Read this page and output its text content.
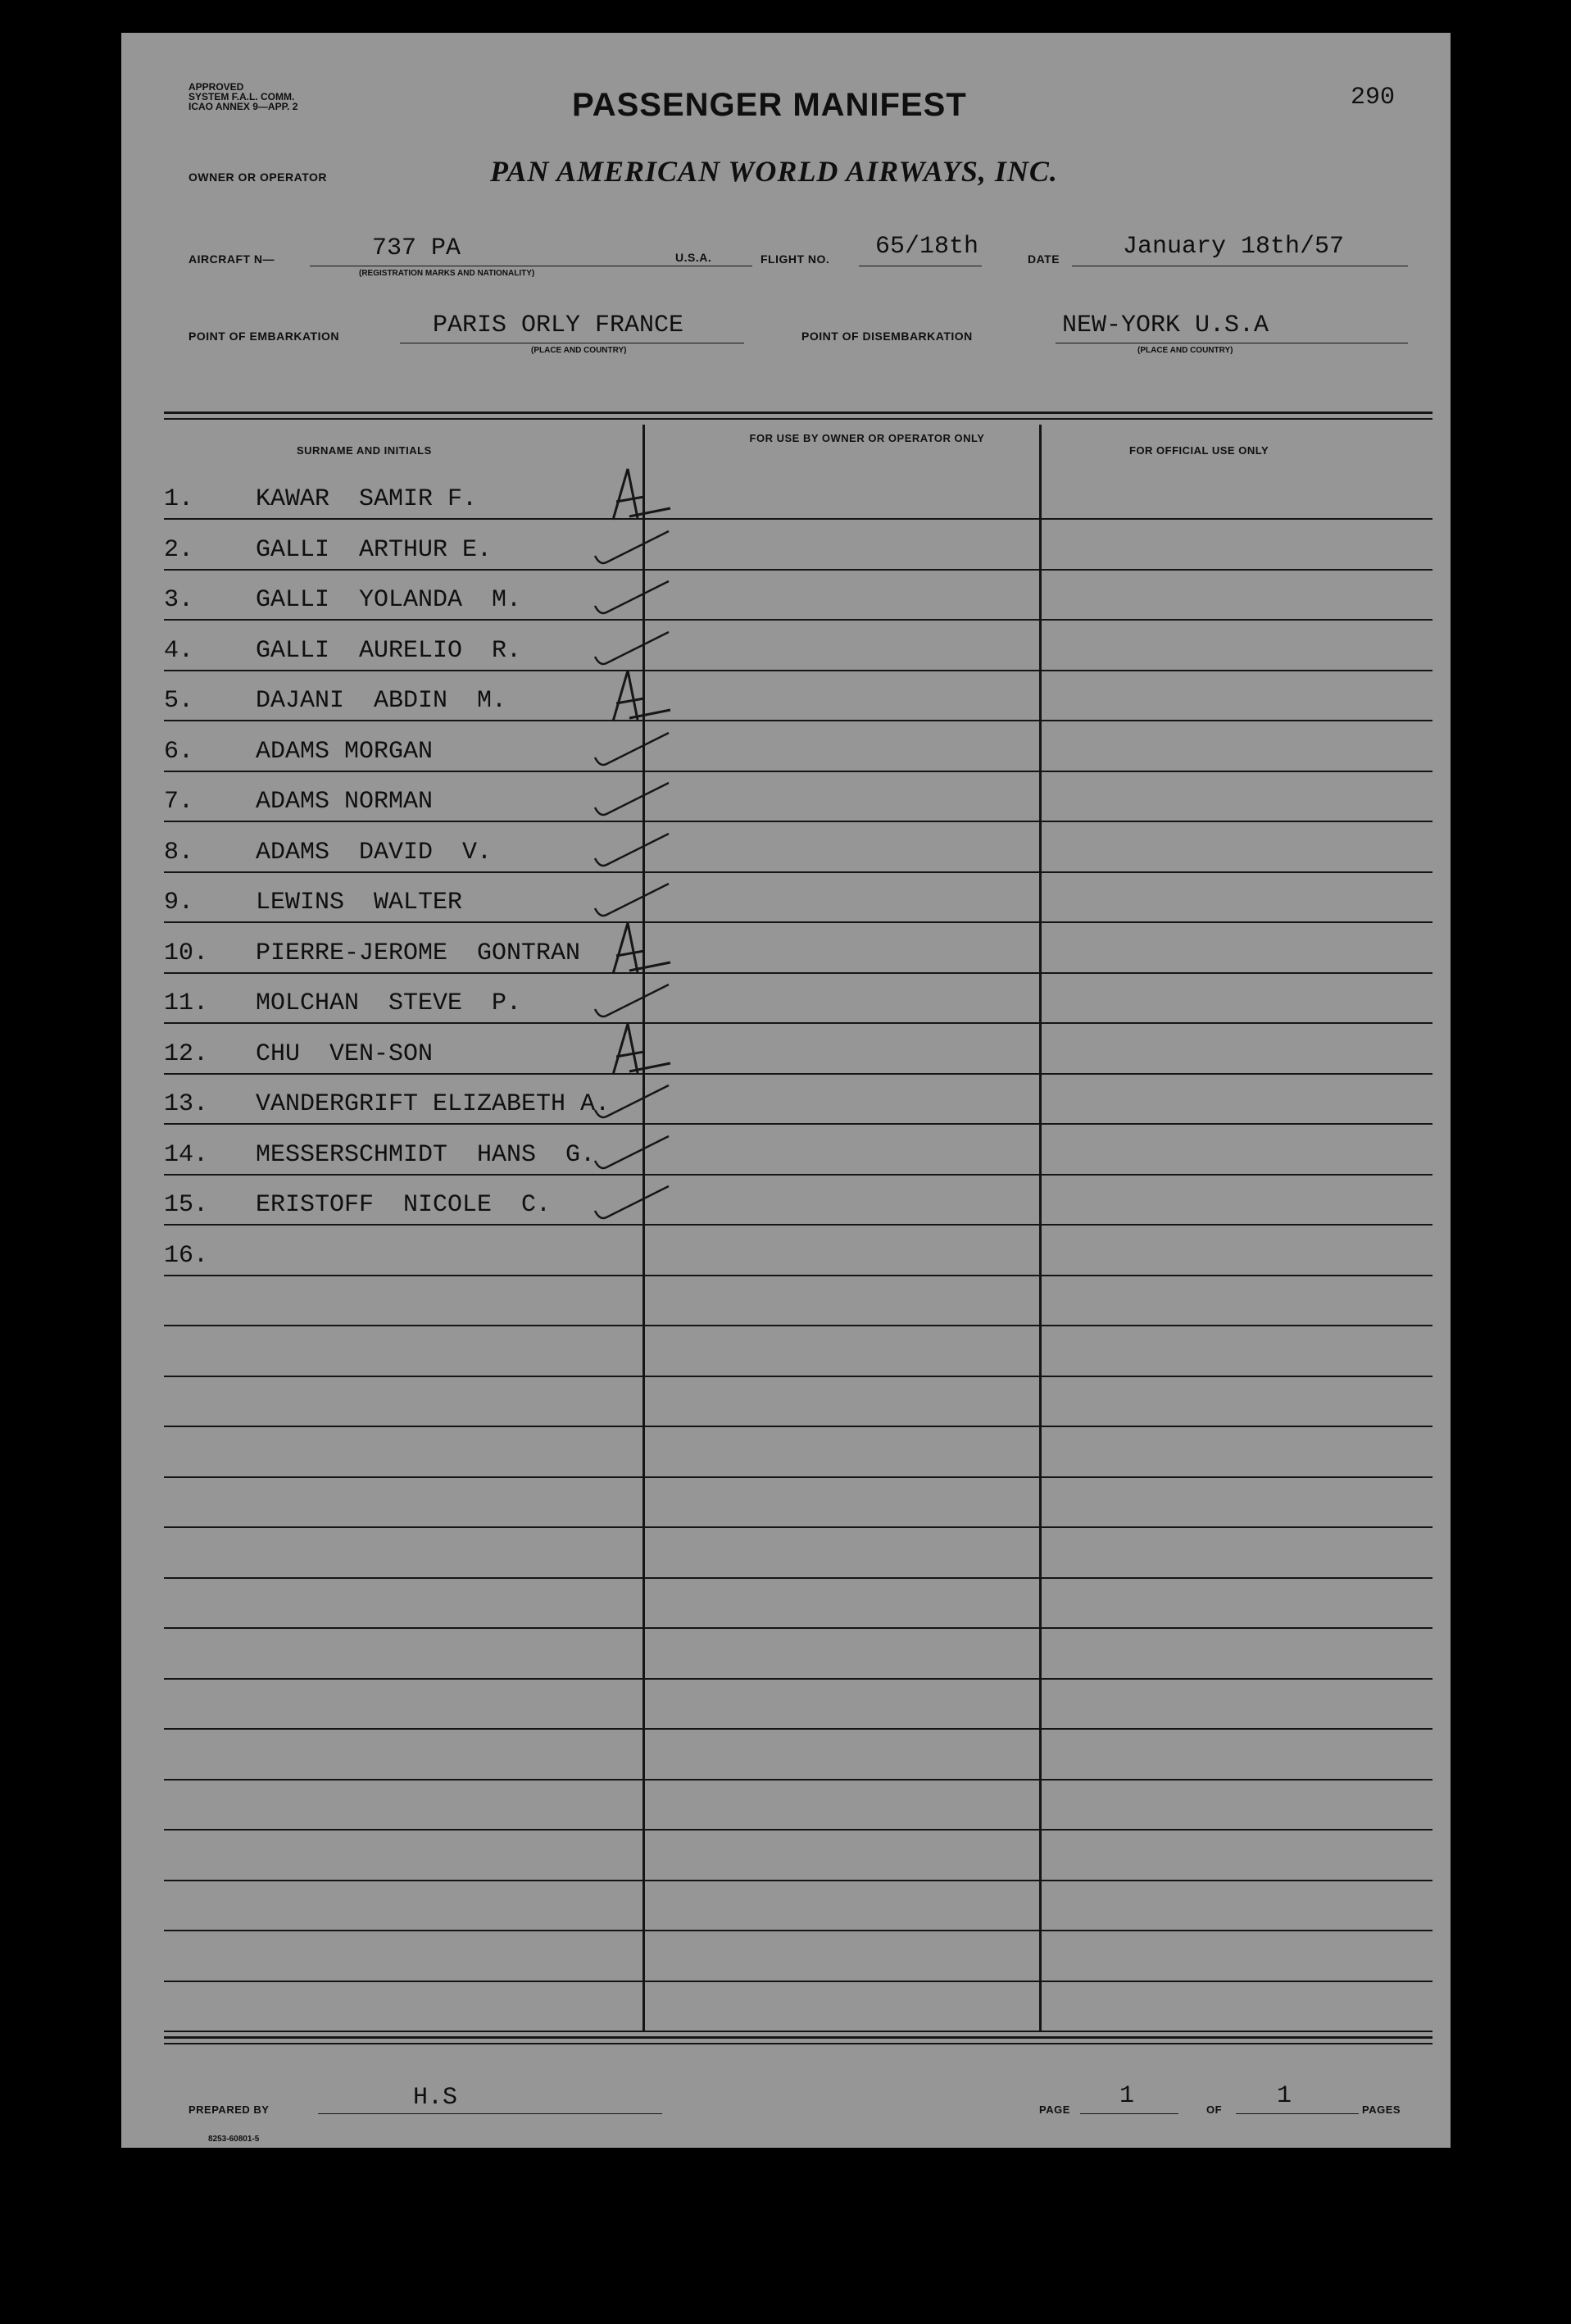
APPROVED
SYSTEM F.A.L. COMM.
ICAO ANNEX 9—APP. 2	PASSENGER MANIFEST	290
OWNER OR OPERATOR	PAN AMERICAN WORLD AIRWAYS, INC.
AIRCRAFT N—	737 PA
(REGISTRATION MARKS AND NATIONALITY)
U.S.A.	FLIGHT NO. 65/18th	DATE	January 18th/57
POINT OF EMBARKATION	PARIS ORLY FRANCE
(PLACE AND COUNTRY)
POINT OF DISEMBARKATION	NEW-YORK U.S.A
(PLACE AND COUNTRY)
SURNAME AND INITIALS
FOR USE BY OWNER OR OPERATOR ONLY
FOR OFFICIAL USE ONLY
1.	KAWAR  SAMIR F.
2.	GALLI  ARTHUR E.
3.	GALLI  YOLANDA  M.
4.	GALLI  AURELIO  R.
5.	DAJANI  ABDIN  M.
6.	ADAMS MORGAN
7.	ADAMS NORMAN
8.	ADAMS  DAVID  V.
9.	LEWINS  WALTER
10. PIERRE-JEROME  GONTRAN
11. MOLCHAN  STEVE  P.
12. CHU  VEN-SON
13. VANDERGRIFT ELIZABETH A.
14. MESSERSCHMIDT  HANS  G.
15. ERISTOFF  NICOLE  C.
16.
PREPARED BY	H.S	PAGE 1	OF 1	PAGES
8253-60801-5
